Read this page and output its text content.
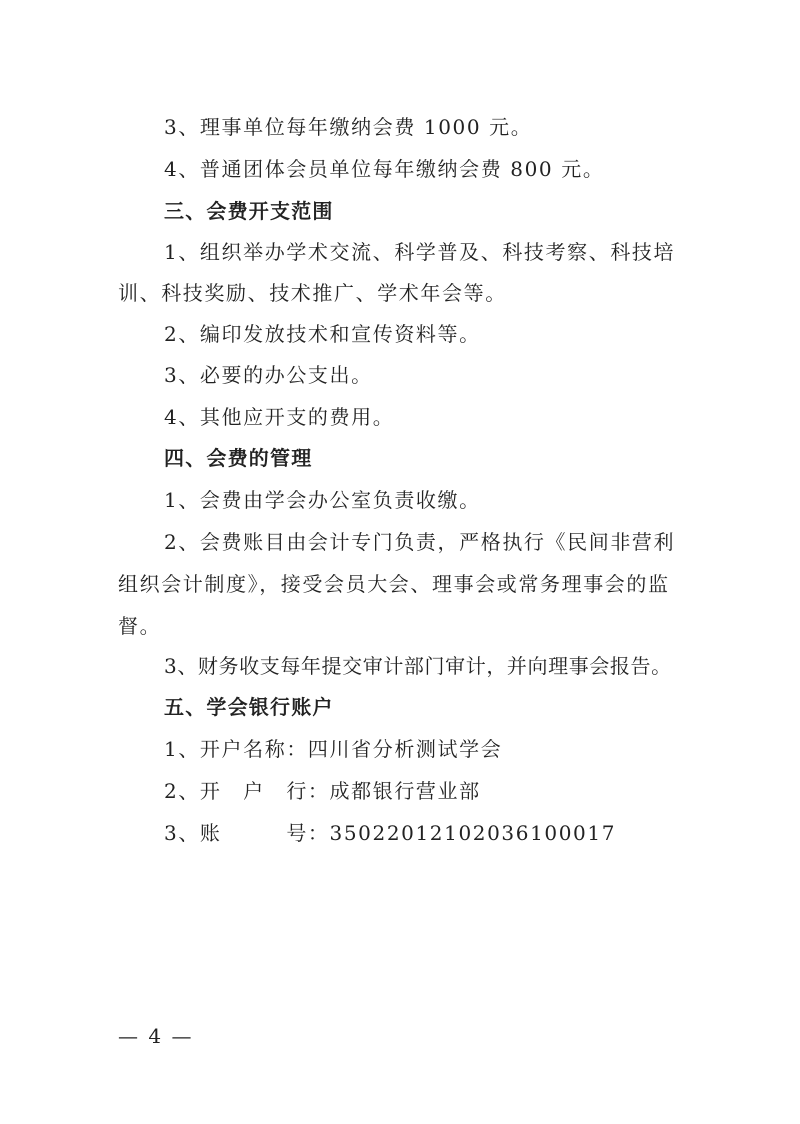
3、理事单位每年缴纳会费 1000 元。
4、普通团体会员单位每年缴纳会费 800 元。
三、会费开支范围
1、组织举办学术交流、科学普及、科技考察、科技培
训、科技奖励、技术推广、学术年会等。
2、编印发放技术和宣传资料等。
3、必要的办公支出。
4、其他应开支的费用。
四、会费的管理
1、会费由学会办公室负责收缴。
2、会费账目由会计专门负责，严格执行《民间非营利
组织会计制度》，接受会员大会、理事会或常务理事会的监
督。
3、财务收支每年提交审计部门审计，并向理事会报告。
五、学会银行账户
1、开户名称：四川省分析测试学会
2、开　户　行：成都银行营业部
3、账　　　号：35022012102036100017
— 4 —
